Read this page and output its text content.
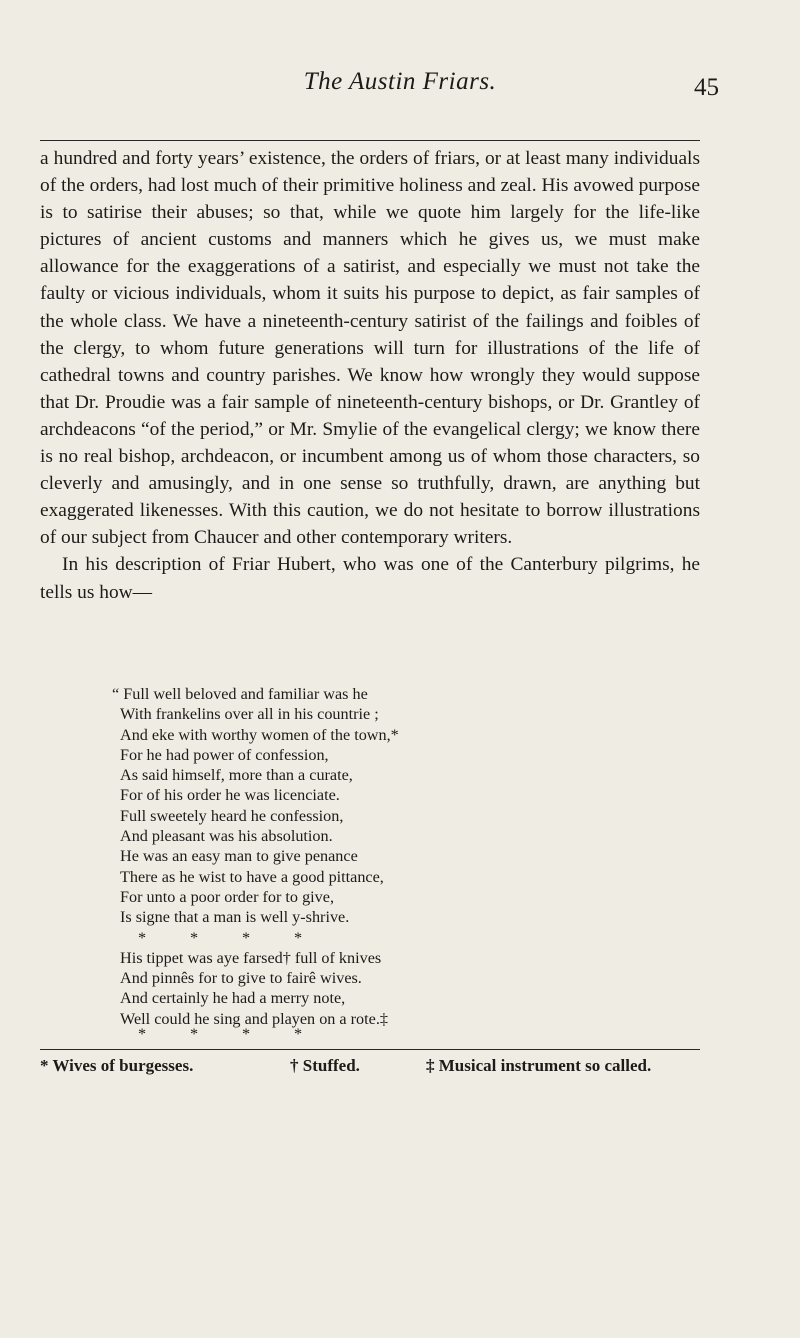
The Austin Friars.	45

a hundred and forty years’ existence, the orders of friars, or at least many individuals of the orders, had lost much of their primitive holiness and zeal. His avowed purpose is to satirise their abuses; so that, while we quote him largely for the life-like pictures of ancient customs and manners which he gives us, we must make allowance for the exaggerations of a satirist, and especially we must not take the faulty or vicious individuals, whom it suits his purpose to depict, as fair samples of the whole class. We have a nineteenth-century satirist of the failings and foibles of the clergy, to whom future generations will turn for illustrations of the life of cathedral towns and country parishes. We know how wrongly they would suppose that Dr. Proudie was a fair sample of nineteenth-century bishops, or Dr. Grantley of archdeacons “of the period,” or Mr. Smylie of the evangelical clergy; we know there is no real bishop, archdeacon, or incumbent among us of whom those characters, so cleverly and amusingly, and in one sense so truthfully, drawn, are anything but exaggerated likenesses. With this caution, we do not hesitate to borrow illustrations of our subject from Chaucer and other contemporary writers.

In his description of Friar Hubert, who was one of the Canterbury pilgrims, he tells us how—

“ Full well beloved and familiar was he
With frankelins over all in his countrie ;
And eke with worthy women of the town,*
For he had power of confession,
As said himself, more than a curate,
For of his order he was licenciate.
Full sweetely heard he confession,
And pleasant was his absolution.
He was an easy man to give penance
There as he wist to have a good pittance,
For unto a poor order for to give,
Is signe that a man is well y-shrive.
*	*	*	*
His tippet was aye farsed† full of knives
And pinnês for to give to fairê wives.
And certainly he had a merry note,
Well could he sing and playen on a rote.‡
*	*	*	*
* Wives of burgesses.	† Stuffed.	‡ Musical instrument so called.
